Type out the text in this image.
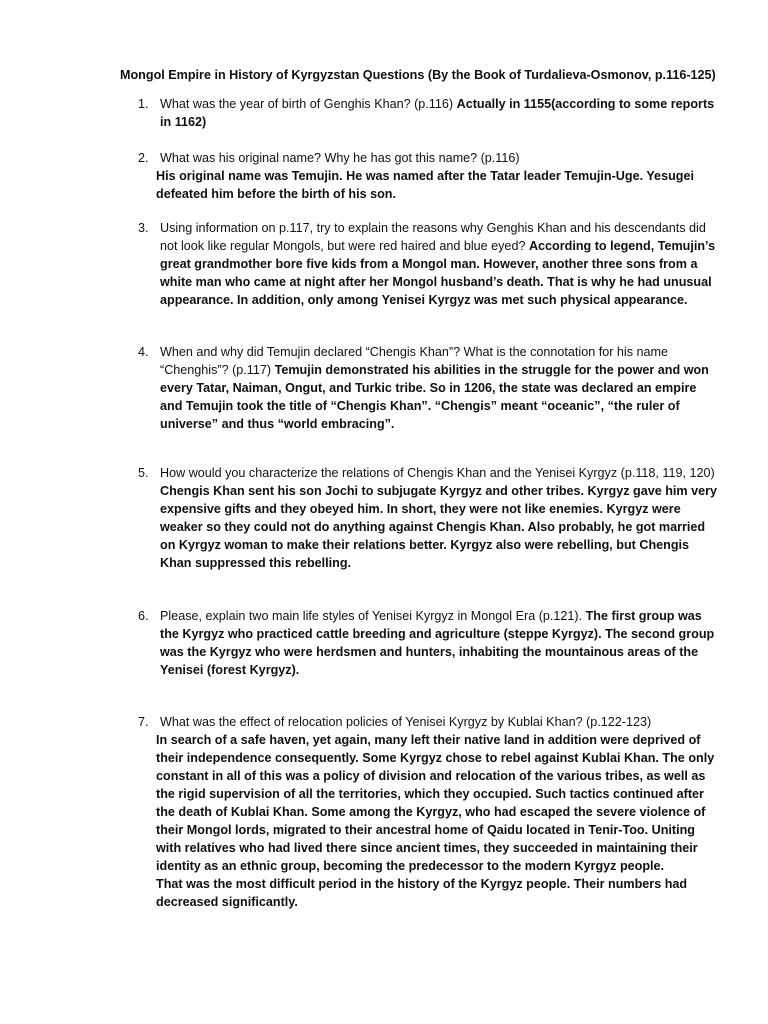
Mongol Empire in History of Kyrgyzstan Questions (By the Book of Turdalieva-Osmonov, p.116-125)
1. What was the year of birth of Genghis Khan? (p.116) Actually in 1155(according to some reports in 1162)
2. What was his original name? Why he has got this name? (p.116)
His original name was Temujin. He was named after the Tatar leader Temujin-Uge. Yesugei defeated him before the birth of his son.
3. Using information on p.117, try to explain the reasons why Genghis Khan and his descendants did not look like regular Mongols, but were red haired and blue eyed? According to legend, Temujin’s great grandmother bore five kids from a Mongol man. However, another three sons from a white man who came at night after her Mongol husband’s death. That is why he had unusual appearance. In addition, only among Yenisei Kyrgyz was met such physical appearance.
4. When and why did Temujin declared “Chengis Khan”? What is the connotation for his name “Chenghis”? (p.117) Temujin demonstrated his abilities in the struggle for the power and won every Tatar, Naiman, Ongut, and Turkic tribe. So in 1206, the state was declared an empire and Temujin took the title of “Chengis Khan”. “Chengis” meant “oceanic”, “the ruler of universe” and thus “world embracing”.
5. How would you characterize the relations of Chengis Khan and the Yenisei Kyrgyz (p.118, 119, 120) Chengis Khan sent his son Jochi to subjugate Kyrgyz and other tribes. Kyrgyz gave him very expensive gifts and they obeyed him. In short, they were not like enemies. Kyrgyz were weaker so they could not do anything against Chengis Khan. Also probably, he got married on Kyrgyz woman to make their relations better. Kyrgyz also were rebelling, but Chengis Khan suppressed this rebelling.
6. Please, explain two main life styles of Yenisei Kyrgyz in Mongol Era (p.121). The first group was the Kyrgyz who practiced cattle breeding and agriculture (steppe Kyrgyz). The second group was the Kyrgyz who were herdsmen and hunters, inhabiting the mountainous areas of the Yenisei (forest Kyrgyz).
7. What was the effect of relocation policies of Yenisei Kyrgyz by Kublai Khan? (p.122-123)
In search of a safe haven, yet again, many left their native land in addition were deprived of their independence consequently. Some Kyrgyz chose to rebel against Kublai Khan. The only constant in all of this was a policy of division and relocation of the various tribes, as well as the rigid supervision of all the territories, which they occupied. Such tactics continued after the death of Kublai Khan. Some among the Kyrgyz, who had escaped the severe violence of their Mongol lords, migrated to their ancestral home of Qaidu located in Tenir-Too. Uniting with relatives who had lived there since ancient times, they succeeded in maintaining their identity as an ethnic group, becoming the predecessor to the modern Kyrgyz people.
That was the most difficult period in the history of the Kyrgyz people. Their numbers had decreased significantly.
